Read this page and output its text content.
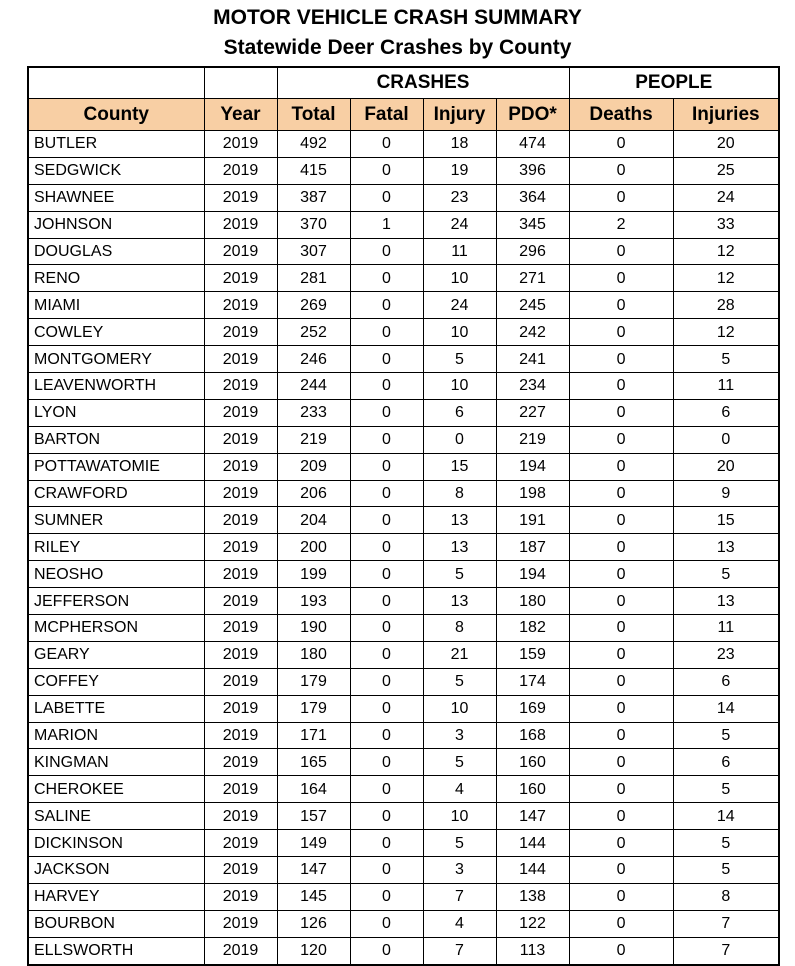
MOTOR VEHICLE CRASH SUMMARY
Statewide Deer Crashes by County
		CRASHES				PEOPLE	
County	Year	Total	Fatal	Injury	PDO*	Deaths	Injuries
BUTLER	2019	492	0	18	474	0	20
SEDGWICK	2019	415	0	19	396	0	25
SHAWNEE	2019	387	0	23	364	0	24
JOHNSON	2019	370	1	24	345	2	33
DOUGLAS	2019	307	0	11	296	0	12
RENO	2019	281	0	10	271	0	12
MIAMI	2019	269	0	24	245	0	28
COWLEY	2019	252	0	10	242	0	12
MONTGOMERY	2019	246	0	5	241	0	5
LEAVENWORTH	2019	244	0	10	234	0	11
LYON	2019	233	0	6	227	0	6
BARTON	2019	219	0	0	219	0	0
POTTAWATOMIE	2019	209	0	15	194	0	20
CRAWFORD	2019	206	0	8	198	0	9
SUMNER	2019	204	0	13	191	0	15
RILEY	2019	200	0	13	187	0	13
NEOSHO	2019	199	0	5	194	0	5
JEFFERSON	2019	193	0	13	180	0	13
MCPHERSON	2019	190	0	8	182	0	11
GEARY	2019	180	0	21	159	0	23
COFFEY	2019	179	0	5	174	0	6
LABETTE	2019	179	0	10	169	0	14
MARION	2019	171	0	3	168	0	5
KINGMAN	2019	165	0	5	160	0	6
CHEROKEE	2019	164	0	4	160	0	5
SALINE	2019	157	0	10	147	0	14
DICKINSON	2019	149	0	5	144	0	5
JACKSON	2019	147	0	3	144	0	5
HARVEY	2019	145	0	7	138	0	8
BOURBON	2019	126	0	4	122	0	7
ELLSWORTH	2019	120	0	7	113	0	7
